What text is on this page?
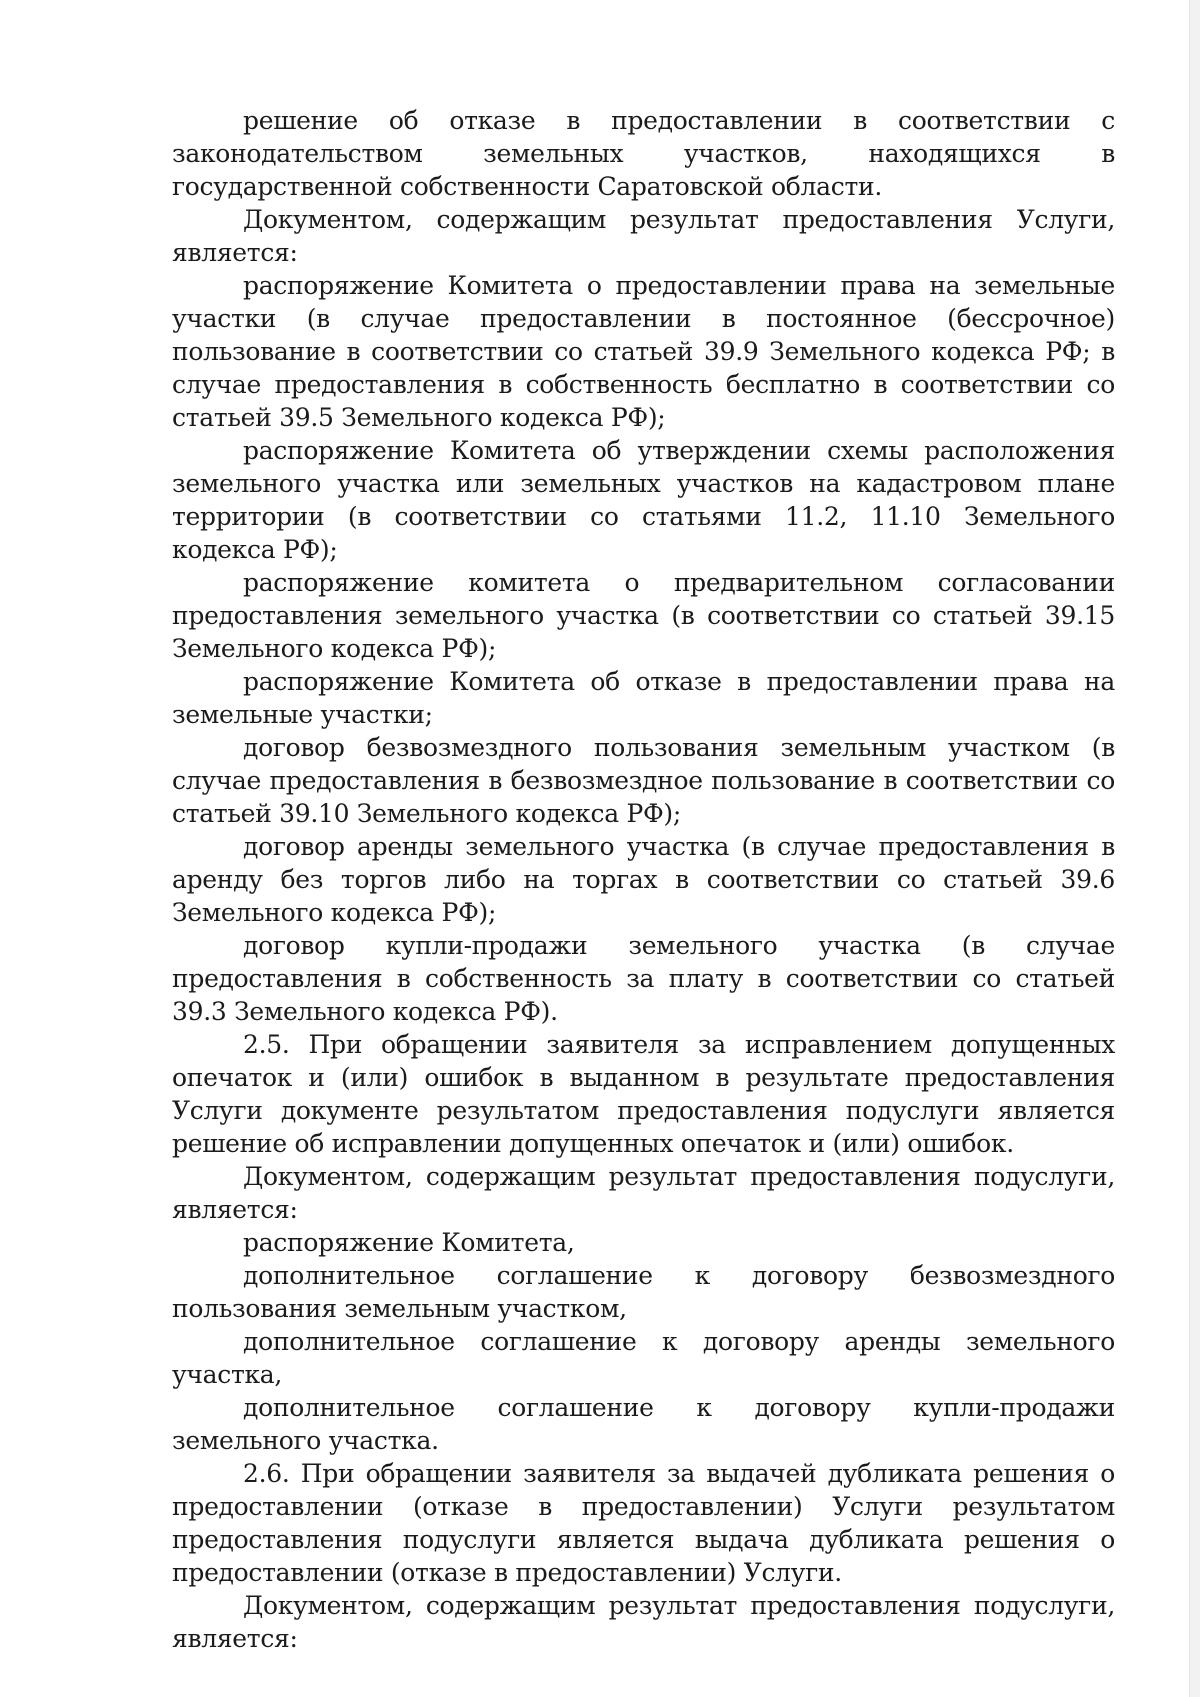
решение об отказе в предоставлении в соответствии с законодательством земельных участков, находящихся в государственной собственности Саратовской области.

Документом, содержащим результат предоставления Услуги, является:

распоряжение Комитета о предоставлении права на земельные участки (в случае предоставлении в постоянное (бессрочное) пользование в соответствии со статьей 39.9 Земельного кодекса РФ; в случае предоставления в собственность бесплатно в соответствии со статьей 39.5 Земельного кодекса РФ);

распоряжение Комитета об утверждении схемы расположения земельного участка или земельных участков на кадастровом плане территории (в соответствии со статьями 11.2, 11.10 Земельного кодекса РФ);

распоряжение комитета о предварительном согласовании предоставления земельного участка (в соответствии со статьей 39.15 Земельного кодекса РФ);

распоряжение Комитета об отказе в предоставлении права на земельные участки;

договор безвозмездного пользования земельным участком (в случае предоставления в безвозмездное пользование в соответствии со статьей 39.10 Земельного кодекса РФ);

договор аренды земельного участка (в случае предоставления в аренду без торгов либо на торгах в соответствии со статьей 39.6 Земельного кодекса РФ);

договор купли-продажи земельного участка (в случае предоставления в собственность за плату в соответствии со статьей 39.3 Земельного кодекса РФ).

2.5. При обращении заявителя за исправлением допущенных опечаток и (или) ошибок в выданном в результате предоставления Услуги документе результатом предоставления подуслуги является решение об исправлении допущенных опечаток и (или) ошибок.

Документом, содержащим результат предоставления подуслуги, является:

распоряжение Комитета,

дополнительное соглашение к договору безвозмездного пользования земельным участком,

дополнительное соглашение к договору аренды земельного участка,

дополнительное соглашение к договору купли-продажи земельного участка.

2.6. При обращении заявителя за выдачей дубликата решения о предоставлении (отказе в предоставлении) Услуги результатом предоставления подуслуги является выдача дубликата решения о предоставлении (отказе в предоставлении) Услуги.

Документом, содержащим результат предоставления подуслуги, является:
